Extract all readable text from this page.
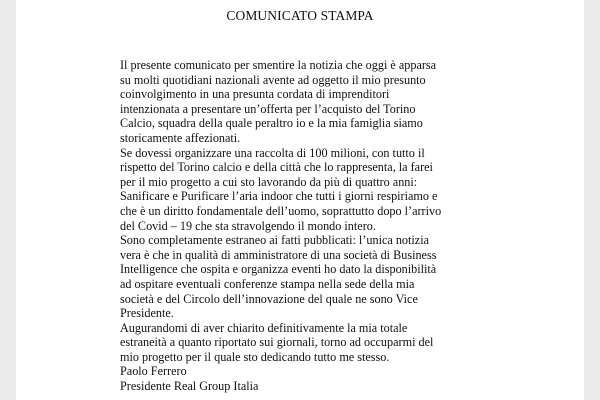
COMUNICATO STAMPA
Il presente comunicato per smentire la notizia che oggi è apparsa
su molti quotidiani nazionali avente ad oggetto il mio presunto
coinvolgimento in una presunta cordata di imprenditori
intenzionata a presentare un’offerta per l’acquisto del Torino
Calcio, squadra della quale peraltro io e la mia famiglia siamo
storicamente affezionati.
Se dovessi organizzare una raccolta di 100 milioni, con tutto il
rispetto del Torino calcio e della città che lo rappresenta, la farei
per il mio progetto a cui sto lavorando da più di quattro anni:
Sanificare e Purificare l’aria indoor che tutti i giorni respiriamo e
che è un diritto fondamentale dell’uomo, soprattutto dopo l’arrivo
del Covid – 19 che sta stravolgendo il mondo intero.
Sono completamente estraneo ai fatti pubblicati: l’unica notizia
vera è che in qualità di amministratore di una società di Business
Intelligence che ospita e organizza eventi ho dato la disponibilità
ad ospitare eventuali conferenze stampa nella sede della mia
società e del Circolo dell’innovazione del quale ne sono Vice
Presidente.
Augurandomi di aver chiarito definitivamente la mia totale
estraneità a quanto riportato sui giornali, torno ad occuparmi del
mio progetto per il quale sto dedicando tutto me stesso.
Paolo Ferrero
Presidente Real Group Italia
